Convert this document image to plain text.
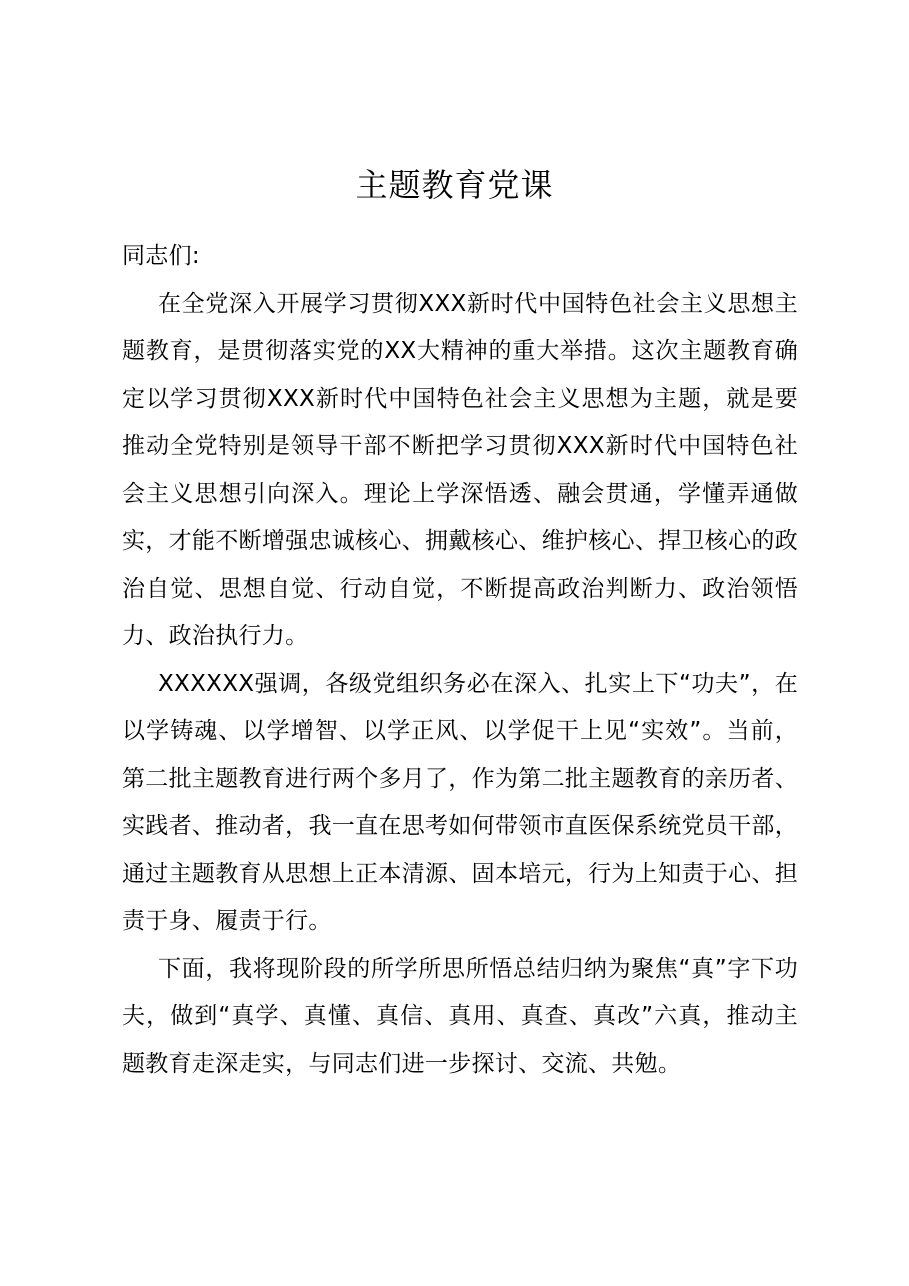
主题教育党课

同志们:

在全党深入开展学习贯彻XXX新时代中国特色社会主义思想主题教育，是贯彻落实党的XX大精神的重大举措。这次主题教育确定以学习贯彻XXX新时代中国特色社会主义思想为主题，就是要推动全党特别是领导干部不断把学习贯彻XXX新时代中国特色社会主义思想引向深入。理论上学深悟透、融会贯通，学懂弄通做实，才能不断增强忠诚核心、拥戴核心、维护核心、捍卫核心的政治自觉、思想自觉、行动自觉，不断提高政治判断力、政治领悟力、政治执行力。

XXXXXX强调，各级党组织务必在深入、扎实上下“功夫”，在以学铸魂、以学增智、以学正风、以学促干上见“实效”。当前，第二批主题教育进行两个多月了，作为第二批主题教育的亲历者、实践者、推动者，我一直在思考如何带领市直医保系统党员干部，通过主题教育从思想上正本清源、固本培元，行为上知责于心、担责于身、履责于行。

下面，我将现阶段的所学所思所悟总结归纳为聚焦“真”字下功夫，做到“真学、真懂、真信、真用、真查、真改”六真，推动主题教育走深走实，与同志们进一步探讨、交流、共勉。
